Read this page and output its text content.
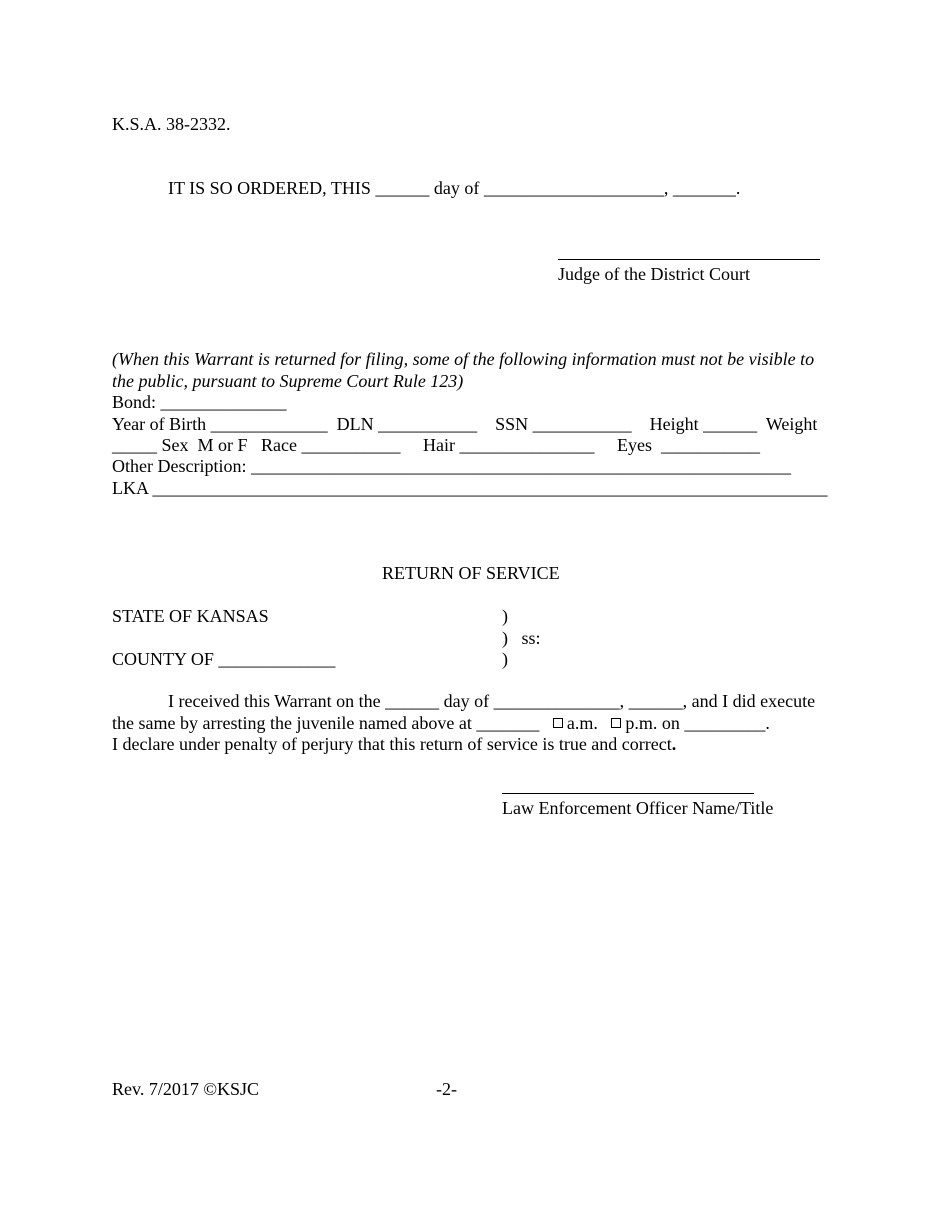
K.S.A. 38-2332.
IT IS SO ORDERED, THIS ______ day of ____________________, _______.
Judge of the District Court
(When this Warrant is returned for filing, some of the following information must not be visible to
the public, pursuant to Supreme Court Rule 123)
Bond: ______________
Year of Birth _____________  DLN ___________    SSN ___________    Height ______  Weight
_____ Sex  M or F   Race ___________     Hair _______________     Eyes  ___________
Other Description: ____________________________________________________________
LKA ___________________________________________________________________________
RETURN OF SERVICE
STATE OF KANSAS	)
)   ss:
COUNTY OF _____________	)
I received this Warrant on the ______ day of ______________, ______, and I did execute
the same by arresting the juvenile named above at _______   a.m.   p.m. on _________.
I declare under penalty of perjury that this return of service is true and correct.
Law Enforcement Officer Name/Title
Rev. 7/2017 ©KSJC	-2-
